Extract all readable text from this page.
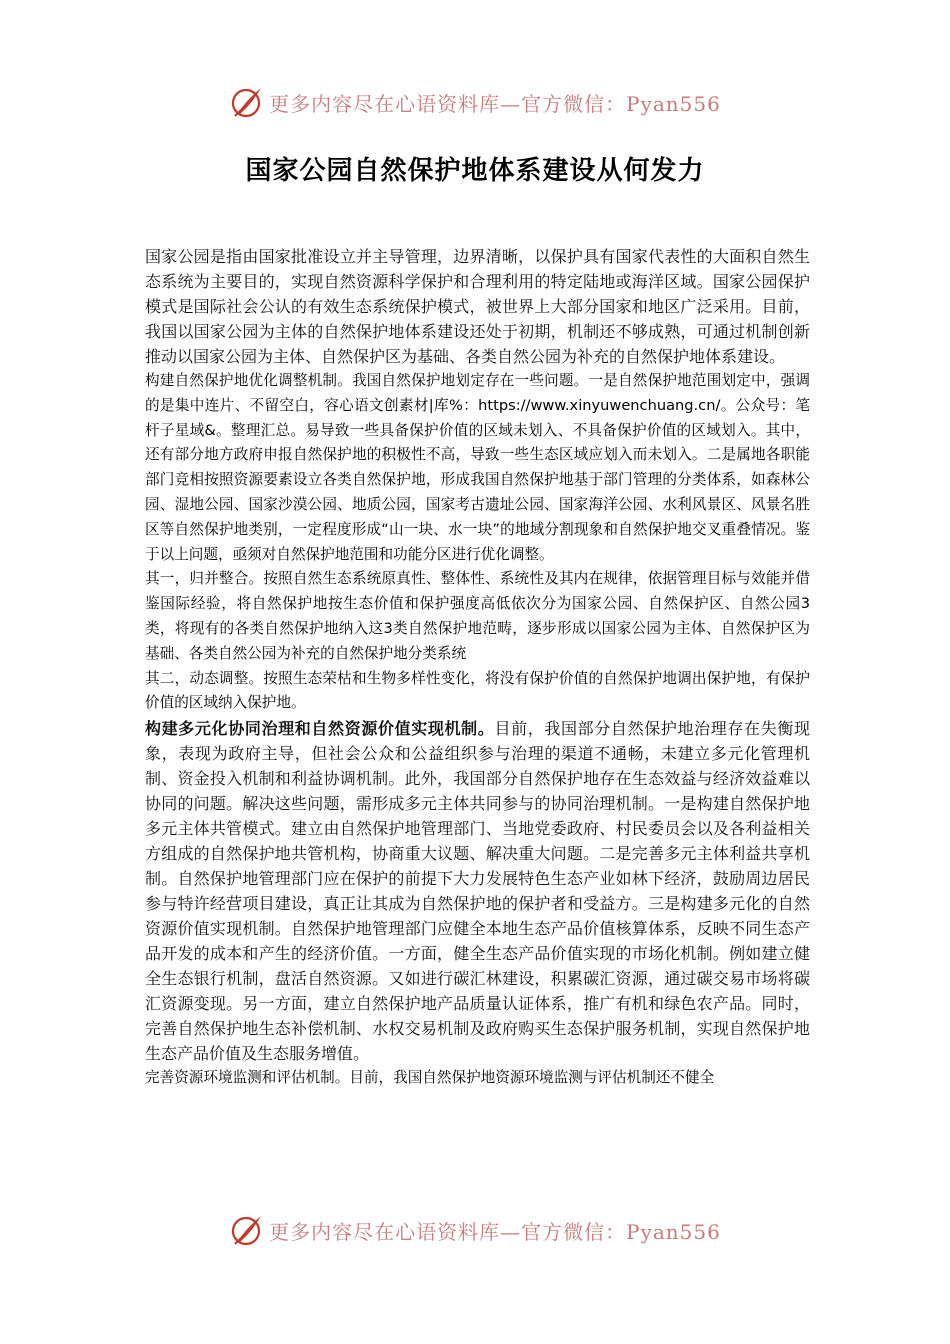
更多内容尽在心语资料库—官方微信：Pyan556
国家公园自然保护地体系建设从何发力

国家公园是指由国家批准设立并主导管理，边界清晰，以保护具有国家代表性的大面积自然生态系统为主要目的，实现自然资源科学保护和合理利用的特定陆地或海洋区域。国家公园保护模式是国际社会公认的有效生态系统保护模式，被世界上大部分国家和地区广泛采用。目前，我国以国家公园为主体的自然保护地体系建设还处于初期，机制还不够成熟，可通过机制创新推动以国家公园为主体、自然保护区为基础、各类自然公园为补充的自然保护地体系建设。

构建自然保护地优化调整机制。我国自然保护地划定存在一些问题。一是自然保护地范围划定中，强调的是集中连片、不留空白，容心语文创素材|库%：https://www.xinyuwenchuang.cn/。公众号：笔杆子星域&。整理汇总。易导致一些具备保护价值的区域未划入、不具备保护价值的区域划入。其中，还有部分地方政府申报自然保护地的积极性不高，导致一些生态区域应划入而未划入。二是属地各职能部门竞相按照资源要素设立各类自然保护地，形成我国自然保护地基于部门管理的分类体系，如森林公园、湿地公园、国家沙漠公园、地质公园，国家考古遗址公园、国家海洋公园、水利风景区、风景名胜区等自然保护地类别，一定程度形成“山一块、水一块”的地域分割现象和自然保护地交叉重叠情况。鉴于以上问题，亟须对自然保护地范围和功能分区进行优化调整。

其一，归并整合。按照自然生态系统原真性、整体性、系统性及其内在规律，依据管理目标与效能并借鉴国际经验，将自然保护地按生态价值和保护强度高低依次分为国家公园、自然保护区、自然公园3类，将现有的各类自然保护地纳入这3类自然保护地范畴，逐步形成以国家公园为主体、自然保护区为基础、各类自然公园为补充的自然保护地分类系统

其二，动态调整。按照生态荣枯和生物多样性变化，将没有保护价值的自然保护地调出保护地，有保护价值的区域纳入保护地。

构建多元化协同治理和自然资源价值实现机制。目前，我国部分自然保护地治理存在失衡现象，表现为政府主导，但社会公众和公益组织参与治理的渠道不通畅，未建立多元化管理机制、资金投入机制和利益协调机制。此外，我国部分自然保护地存在生态效益与经济效益难以协同的问题。解决这些问题，需形成多元主体共同参与的协同治理机制。一是构建自然保护地多元主体共管模式。建立由自然保护地管理部门、当地党委政府、村民委员会以及各利益相关方组成的自然保护地共管机构，协商重大议题、解决重大问题。二是完善多元主体利益共享机制。自然保护地管理部门应在保护的前提下大力发展特色生态产业如林下经济，鼓励周边居民参与特许经营项目建设，真正让其成为自然保护地的保护者和受益方。三是构建多元化的自然资源价值实现机制。自然保护地管理部门应健全本地生态产品价值核算体系，反映不同生态产品开发的成本和产生的经济价值。一方面，健全生态产品价值实现的市场化机制。例如建立健全生态银行机制，盘活自然资源。又如进行碳汇林建设，积累碳汇资源，通过碳交易市场将碳汇资源变现。另一方面，建立自然保护地产品质量认证体系，推广有机和绿色农产品。同时，完善自然保护地生态补偿机制、水权交易机制及政府购买生态保护服务机制，实现自然保护地生态产品价值及生态服务增值。

完善资源环境监测和评估机制。目前，我国自然保护地资源环境监测与评估机制还不健全

更多内容尽在心语资料库—官方微信：Pyan556
